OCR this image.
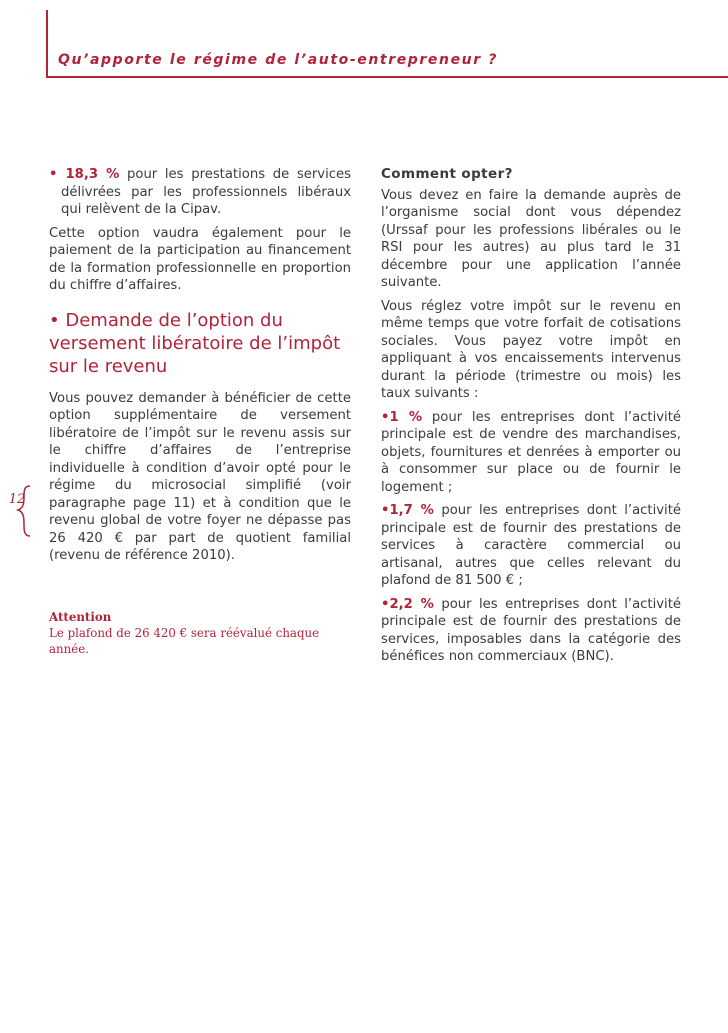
Qu’apporte le régime de l’auto-entrepreneur ?
12

• 18,3 % pour les prestations de services délivrées par les professionnels libéraux qui relèvent de la Cipav.

Cette option vaudra également pour le paiement de la participation au financement de la formation professionnelle en proportion du chiffre d’affaires.

• Demande de l’option du versement libératoire de l’impôt sur le revenu

Vous pouvez demander à bénéficier de cette option supplémentaire de versement libératoire de l’impôt sur le revenu assis sur le chiffre d’affaires de l’entreprise individuelle à condition d’avoir opté pour le régime du microsocial simplifié (voir paragraphe page 11) et à condition que le revenu global de votre foyer ne dépasse pas 26 420 € par part de quotient familial (revenu de référence 2010).

Attention
Le plafond de 26 420 € sera réévalué chaque année.
Comment opter?

Vous devez en faire la demande auprès de l’organisme social dont vous dépendez (Urssaf pour les professions libérales ou le RSI pour les autres) au plus tard le 31 décembre pour une application l’année suivante.

Vous réglez votre impôt sur le revenu en même temps que votre forfait de cotisations sociales. Vous payez votre impôt en appliquant à vos encaissements intervenus durant la période (trimestre ou mois) les taux suivants :

•1 % pour les entreprises dont l’activité principale est de vendre des marchandises, objets, fournitures et denrées à emporter ou à consommer sur place ou de fournir le logement ;

•1,7 % pour les entreprises dont l’activité principale est de fournir des prestations de services à caractère commercial ou artisanal, autres que celles relevant du plafond de 81 500 € ;

•2,2 % pour les entreprises dont l’activité principale est de fournir des prestations de services, imposables dans la catégorie des bénéfices non commerciaux (BNC).
